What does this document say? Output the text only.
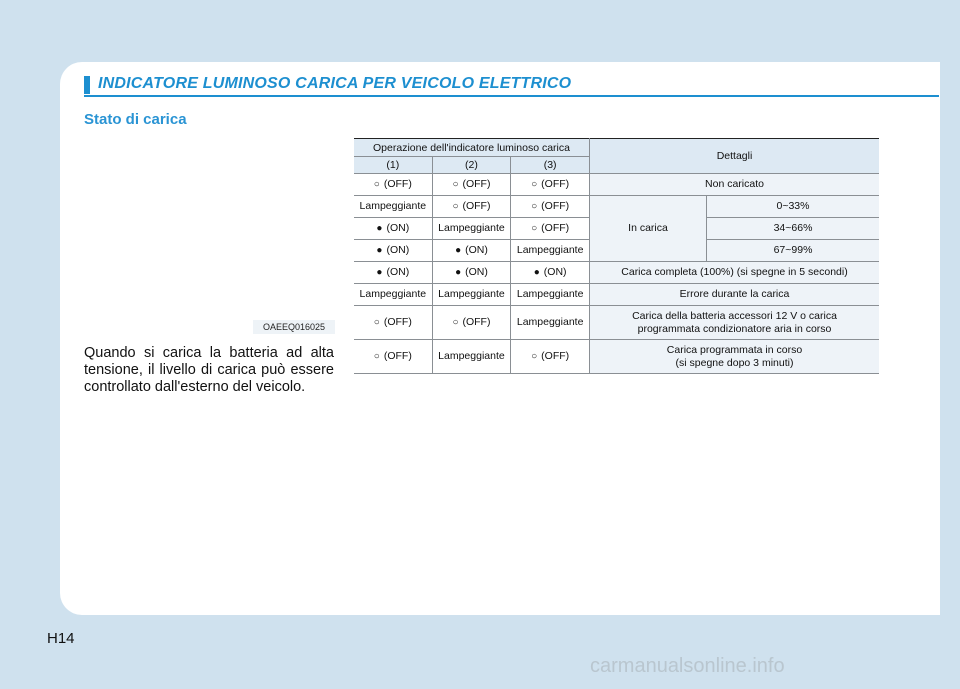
INDICATORE LUMINOSO CARICA PER VEICOLO ELETTRICO
Stato di carica
OAEEQ016025
Quando si carica la batteria ad alta tensione, il livello di carica può essere controllato dall'esterno del veicolo.
Operazione dell'indicatore luminoso carica			Dettagli	
(1)	(2)	(3)		
○ (OFF)	○ (OFF)	○ (OFF)	Non caricato	
Lampeggiante	○ (OFF)	○ (OFF)	In carica	0~33%
● (ON)	Lampeggiante	○ (OFF)		34~66%
● (ON)	● (ON)	Lampeggiante		67~99%
● (ON)	● (ON)	● (ON)	Carica completa (100%) (si spegne in 5 secondi)	
Lampeggiante	Lampeggiante	Lampeggiante	Errore durante la carica	
○ (OFF)	○ (OFF)	Lampeggiante	Carica della batteria accessori 12 V o carica
programmata condizionatore aria in corso	

○ (OFF)	Lampeggiante	○ (OFF)	Carica programmata in corso
(si spegne dopo 3 minuti)	
H14
carmanualsonline.info
